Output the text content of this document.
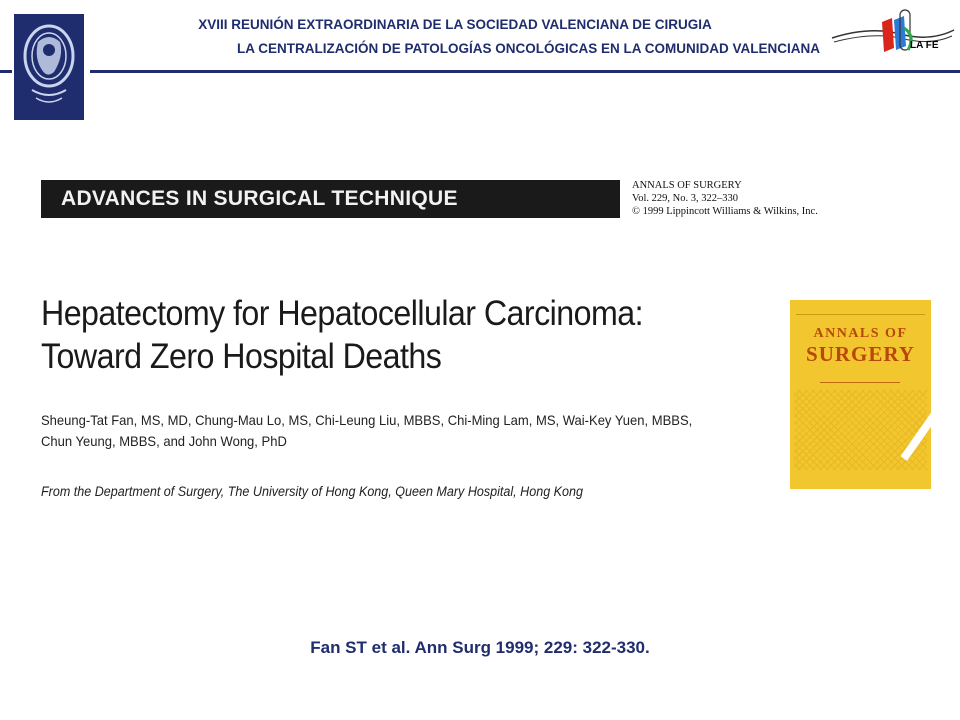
XVIII REUNIÓN EXTRAORDINARIA DE LA SOCIEDAD VALENCIANA DE CIRUGIA
LA CENTRALIZACIÓN DE PATOLOGÍAS ONCOLÓGICAS EN LA COMUNIDAD VALENCIANA	LA FE
ADVANCES IN SURGICAL TECHNIQUE
ANNALS OF SURGERY
Vol. 229, No. 3, 322–330
© 1999 Lippincott Williams & Wilkins, Inc.
Hepatectomy for Hepatocellular Carcinoma:
Toward Zero Hospital Deaths
Sheung-Tat Fan, MS, MD, Chung-Mau Lo, MS, Chi-Leung Liu, MBBS, Chi-Ming Lam, MS, Wai-Key Yuen, MBBS,
Chun Yeung, MBBS, and John Wong, PhD
From the Department of Surgery, The University of Hong Kong, Queen Mary Hospital, Hong Kong
ANNALS OF
SURGERY
Fan ST et al. Ann Surg 1999; 229: 322-330.
